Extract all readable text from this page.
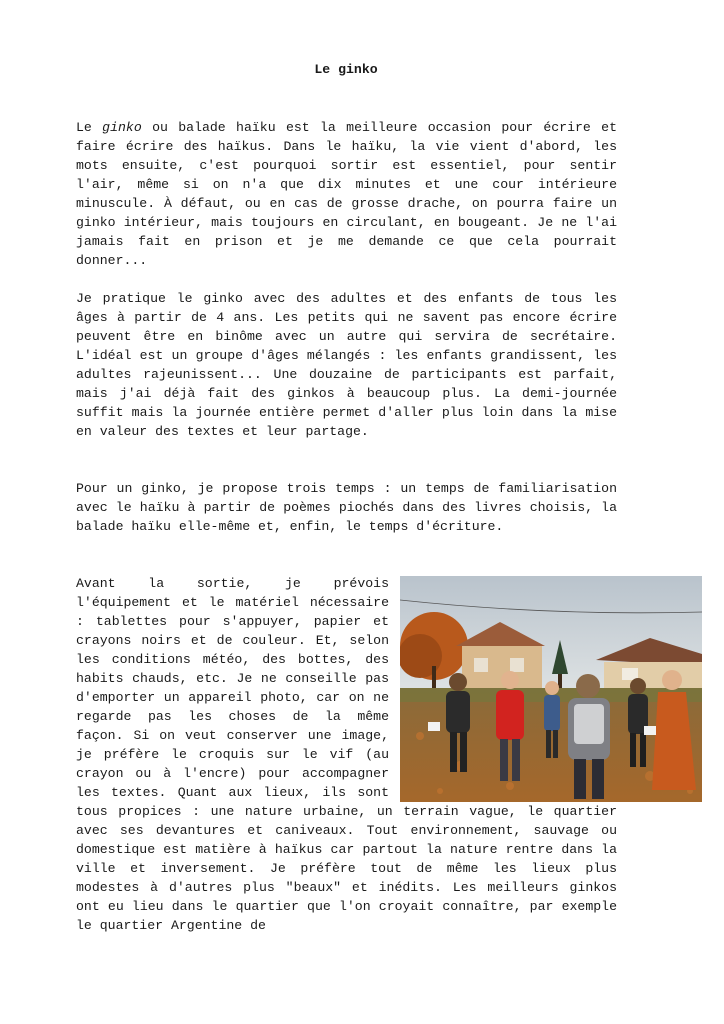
Le ginko

Le ginko ou balade haïku est la meilleure occasion pour écrire et faire écrire des haïkus. Dans le haïku, la vie vient d'abord, les mots ensuite, c'est pourquoi sortir est essentiel, pour sentir l'air, même si on n'a que dix minutes et une cour intérieure minuscule. À défaut, ou en cas de grosse drache, on pourra faire un ginko intérieur, mais toujours en circulant, en bougeant. Je ne l'ai jamais fait en prison et je me demande ce que cela pourrait donner...

Je pratique le ginko avec des adultes et des enfants de tous les âges à partir de 4 ans. Les petits qui ne savent pas encore écrire peuvent être en binôme avec un autre qui servira de secrétaire. L'idéal est un groupe d'âges mélangés : les enfants grandissent, les adultes rajeunissent... Une douzaine de participants est parfait, mais j'ai déjà fait des ginkos à beaucoup plus. La demi-journée suffit mais la journée entière permet d'aller plus loin dans la mise en valeur des textes et leur partage.

Pour un ginko, je propose trois temps : un temps de familiarisation avec le haïku à partir de poèmes piochés dans des livres choisis, la balade haïku elle-même et, enfin, le temps d'écriture.

Avant la sortie, je prévois l'équipement et le matériel nécessaire : tablettes pour s'appuyer, papier et crayons noirs et de couleur. Et, selon les conditions météo, des bottes, des habits chauds, etc. Je ne conseille pas d'emporter un appareil photo, car on ne regarde pas les choses de la même façon. Si on veut conserver une image, je préfère le croquis sur le vif (au crayon ou à l'encre) pour accompagner les textes. Quant aux lieux, ils sont tous propices : une nature urbaine, un terrain vague, le quartier avec ses devantures et caniveaux. Tout environnement, sauvage ou domestique est matière à haïkus car partout la nature rentre dans la ville et inversement. Je préfère tout de même les lieux plus modestes à d'autres plus "beaux" et inédits. Les meilleurs ginkos ont eu lieu dans le quartier que l'on croyait connaître, par exemple le quartier Argentine de
